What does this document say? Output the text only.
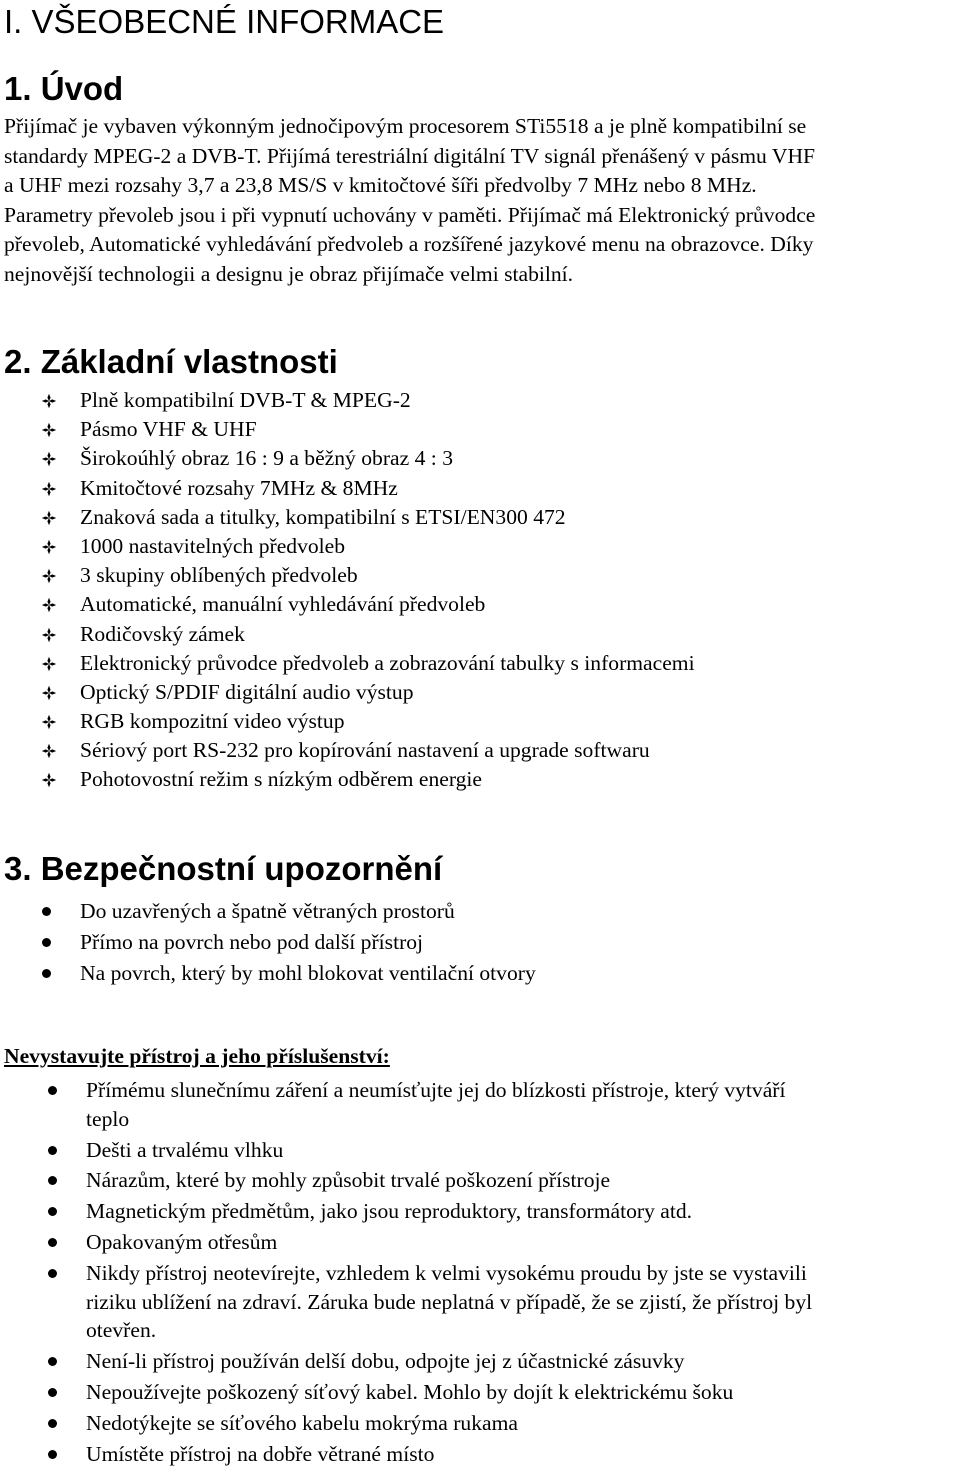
I. VŠEOBECNÉ INFORMACE
1. Úvod

Přijímač je vybaven výkonným jednočipovým procesorem STi5518 a je plně kompatibilní se
standardy MPEG-2 a DVB-T. Přijímá terestriální digitální TV signál přenášený v pásmu VHF
a UHF mezi rozsahy 3,7 a 23,8 MS/S v kmitočtové šíři předvolby 7 MHz nebo 8 MHz.
Parametry převoleb jsou i při vypnutí uchovány v paměti. Přijímač má Elektronický průvodce
převoleb, Automatické vyhledávání předvoleb a rozšířené jazykové menu na obrazovce. Díky
nejnovější technologii a designu je obraz přijímače velmi stabilní.

2. Základní vlastnosti
Plně kompatibilní DVB-T & MPEG-2
Pásmo VHF & UHF
Širokoúhlý obraz 16 : 9 a běžný obraz 4 : 3
Kmitočtové rozsahy 7MHz & 8MHz
Znaková sada a titulky, kompatibilní s ETSI/EN300 472
1000 nastavitelných předvoleb
3 skupiny oblíbených předvoleb
Automatické, manuální vyhledávání předvoleb
Rodičovský zámek
Elektronický průvodce předvoleb a zobrazování tabulky s informacemi
Optický S/PDIF digitální audio výstup
RGB kompozitní video výstup
Sériový port RS-232 pro kopírování nastavení a upgrade softwaru
Pohotovostní režim s nízkým odběrem energie
3. Bezpečnostní upozornění
Do uzavřených a špatně větraných prostorů
Přímo na povrch nebo pod další přístroj
Na povrch, který by mohl blokovat ventilační otvory

Nevystavujte přístroj a jeho příslušenství:

Přímému slunečnímu záření a neumísťujte jej do blízkosti přístroje, který vytváří
teplo
Dešti a trvalému vlhku
Nárazům, které by mohly způsobit trvalé poškození přístroje
Magnetickým předmětům, jako jsou reproduktory, transformátory atd.
Opakovaným otřesům
Nikdy přístroj neotevírejte, vzhledem k velmi vysokému proudu by jste se vystavili
riziku ublížení na zdraví. Záruka bude neplatná v případě, že se zjistí, že přístroj byl
otevřen.
Není-li přístroj používán delší dobu, odpojte jej z účastnické zásuvky
Nepoužívejte poškozený síťový kabel. Mohlo by dojít k elektrickému šoku
Nedotýkejte se síťového kabelu mokrýma rukama
Umístěte přístroj na dobře větrané místo
